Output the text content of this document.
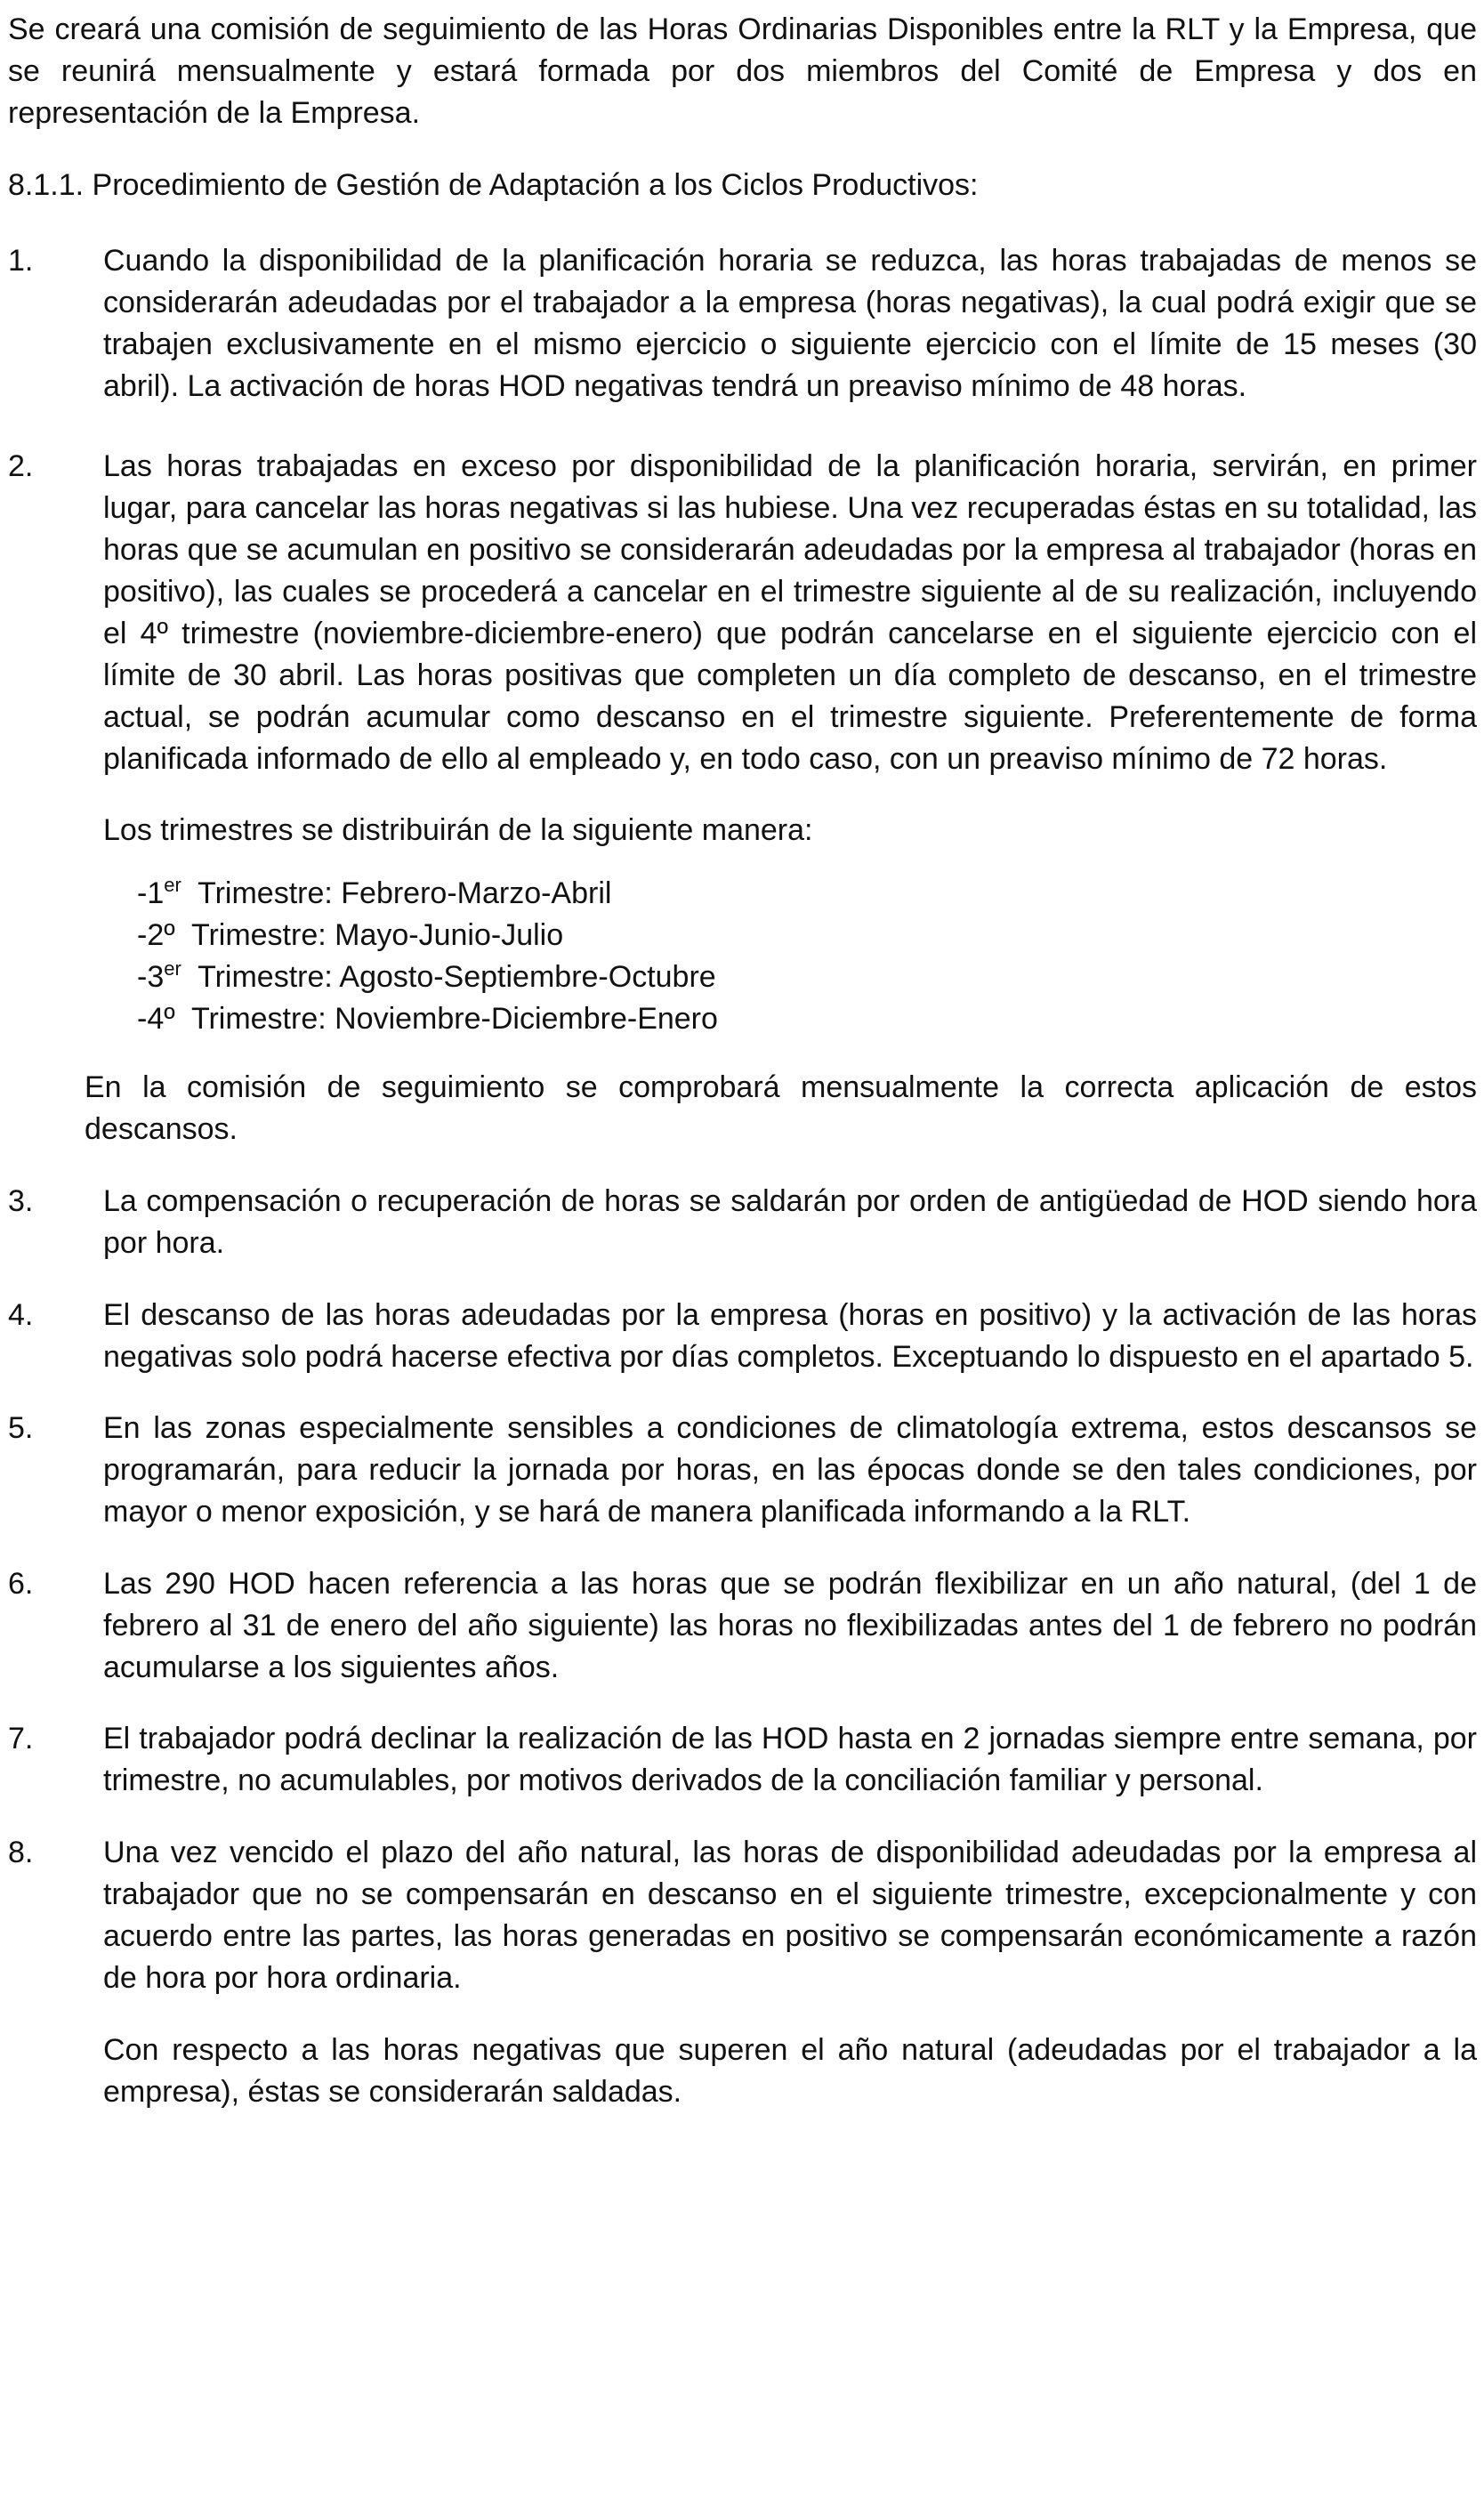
Se creará una comisión de seguimiento de las Horas Ordinarias Disponibles entre la RLT y la Empresa, que se reunirá mensualmente y estará formada por dos miembros del Comité de Empresa y dos en representación de la Empresa.

8.1.1. Procedimiento de Gestión de Adaptación a los Ciclos Productivos:

1.	Cuando la disponibilidad de la planificación horaria se reduzca, las horas trabajadas de menos se considerarán adeudadas por el trabajador a la empresa (horas negativas), la cual podrá exigir que se trabajen exclusivamente en el mismo ejercicio o siguiente ejercicio con el límite de 15 meses (30 abril). La activación de horas HOD negativas tendrá un preaviso mínimo de 48 horas.

2.	Las horas trabajadas en exceso por disponibilidad de la planificación horaria, servirán, en primer lugar, para cancelar las horas negativas si las hubiese. Una vez recuperadas éstas en su totalidad, las horas que se acumulan en positivo se considerarán adeudadas por la empresa al trabajador (horas en positivo), las cuales se procederá a cancelar en el trimestre siguiente al de su realización, incluyendo el 4º trimestre (noviembre-diciembre-enero) que podrán cancelarse en el siguiente ejercicio con el límite de 30 abril. Las horas positivas que completen un día completo de descanso, en el trimestre actual, se podrán acumular como descanso en el trimestre siguiente. Preferentemente de forma planificada informado de ello al empleado y, en todo caso, con un preaviso mínimo de 72 horas.

Los trimestres se distribuirán de la siguiente manera:

-1er Trimestre: Febrero-Marzo-Abril
-2º Trimestre: Mayo-Junio-Julio
-3er Trimestre: Agosto-Septiembre-Octubre
-4º Trimestre: Noviembre-Diciembre-Enero

En la comisión de seguimiento se comprobará mensualmente la correcta aplicación de estos descansos.

3.	La compensación o recuperación de horas se saldarán por orden de antigüedad de HOD siendo hora por hora.

4.	El descanso de las horas adeudadas por la empresa (horas en positivo) y la activación de las horas negativas solo podrá hacerse efectiva por días completos. Exceptuando lo dispuesto en el apartado 5.

5.	En las zonas especialmente sensibles a condiciones de climatología extrema, estos descansos se programarán, para reducir la jornada por horas, en las épocas donde se den tales condiciones, por mayor o menor exposición, y se hará de manera planificada informando a la RLT.

6.	Las 290 HOD hacen referencia a las horas que se podrán flexibilizar en un año natural, (del 1 de febrero al 31 de enero del año siguiente) las horas no flexibilizadas antes del 1 de febrero no podrán acumularse a los siguientes años.

7.	El trabajador podrá declinar la realización de las HOD hasta en 2 jornadas siempre entre semana, por trimestre, no acumulables, por motivos derivados de la conciliación familiar y personal.

8.	Una vez vencido el plazo del año natural, las horas de disponibilidad adeudadas por la empresa al trabajador que no se compensarán en descanso en el siguiente trimestre, excepcionalmente y con acuerdo entre las partes, las horas generadas en positivo se compensarán económicamente a razón de hora por hora ordinaria.

Con respecto a las horas negativas que superen el año natural (adeudadas por el trabajador a la empresa), éstas se considerarán saldadas.
